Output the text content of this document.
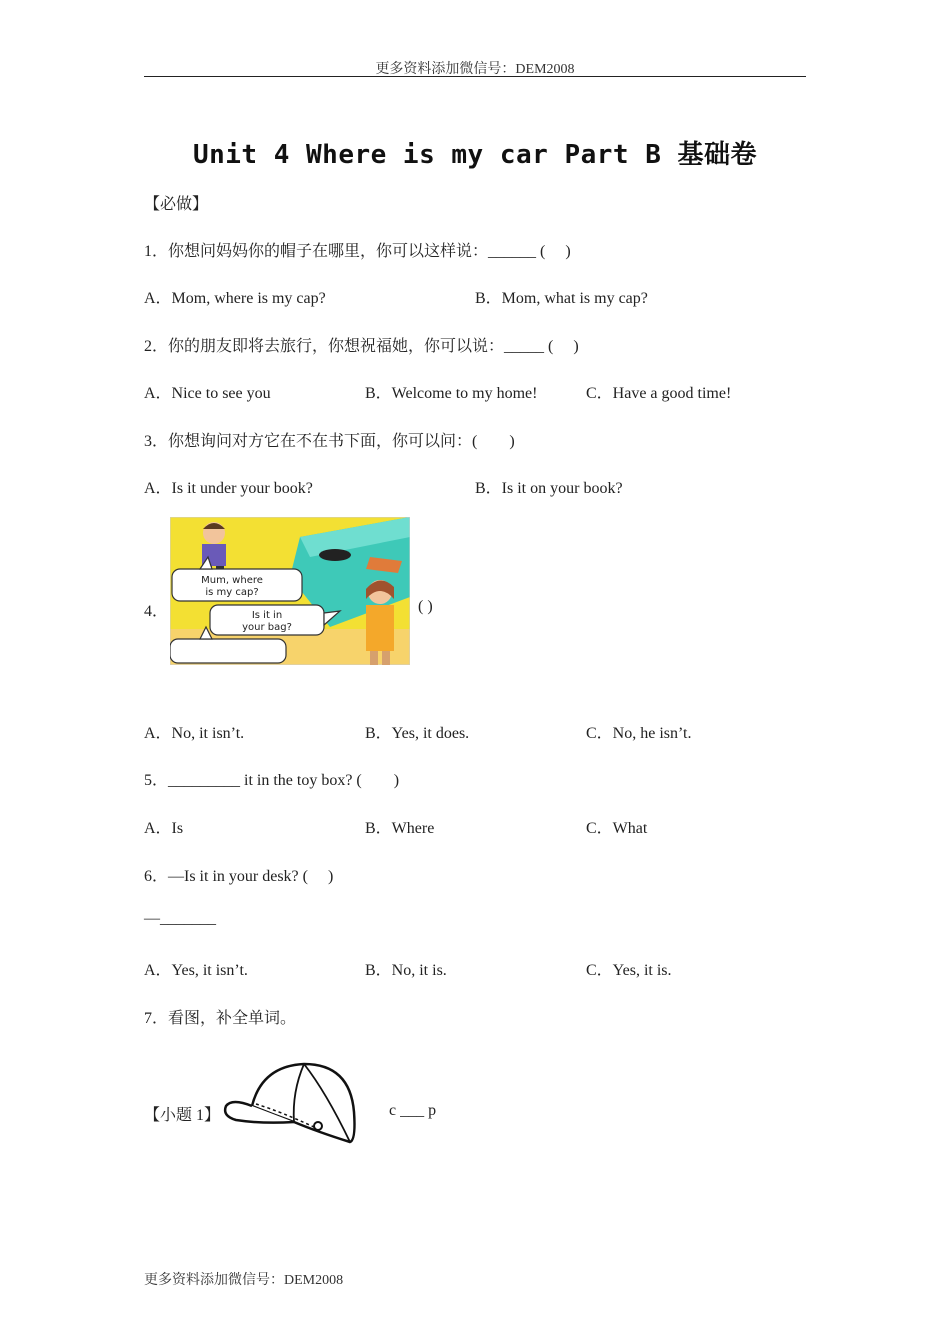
更多资料添加微信号：DEM2008
Unit 4 Where is my car Part B 基础卷
【必做】
1．你想问妈妈你的帽子在哪里，你可以这样说：______ (　 )
A．Mom, where is my cap?	B．Mom, what is my cap?
2．你的朋友即将去旅行，你想祝福她，你可以说：_____ (　 )
A．Nice to see you	B．Welcome to my home!	C．Have a good time!
3．你想询问对方它在不在书下面，你可以问：(　　)
A．Is it under your book?	B．Is it on your book?
4．
Mum, where
is my cap?
Is it in
your bag?
( )
A．No, it isn’t.	B．Yes, it does.	C．No, he isn’t.
5．_________ it in the toy box? (　　)
A．Is	B．Where	C．What
6．—Is it in your desk? (　 )
—_______
A．Yes, it isn’t.	B．No, it is.	C．Yes, it is.
7．看图，补全单词。
【小题 1】	c ___ p
更多资料添加微信号：DEM2008
